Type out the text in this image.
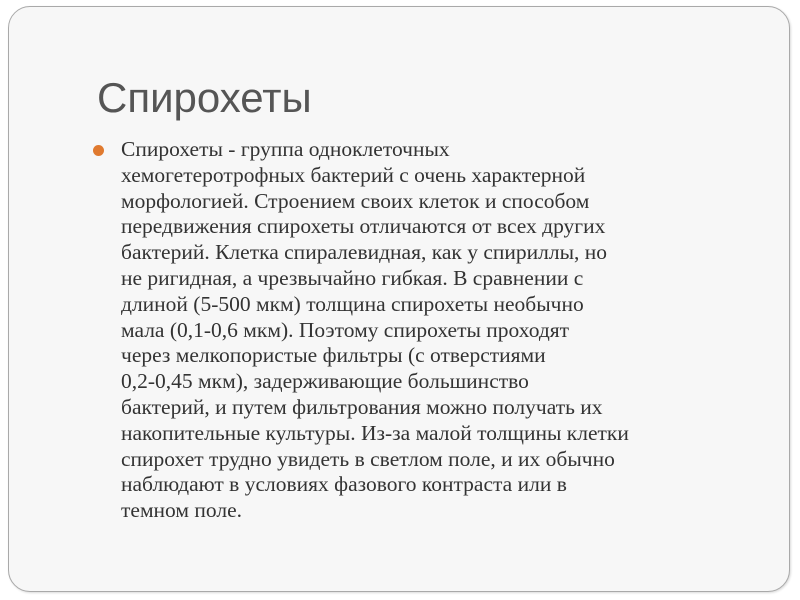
Спирохеты
Спирохеты - группа одноклеточных
хемогетеротрофных бактерий с очень характерной
морфологией. Строением своих клеток и способом
передвижения спирохеты отличаются от всех других
бактерий. Клетка спиралевидная, как у спириллы, но
не ригидная, а чрезвычайно гибкая. В сравнении с
длиной (5-500 мкм) толщина спирохеты необычно
мала (0,1-0,6 мкм). Поэтому спирохеты проходят
через мелкопористые фильтры (с отверстиями
0,2-0,45 мкм), задерживающие большинство
бактерий, и путем фильтрования можно получать их
накопительные культуры. Из-за малой толщины клетки
спирохет трудно увидеть в светлом поле, и их обычно
наблюдают в условиях фазового контраста или в
темном поле.
